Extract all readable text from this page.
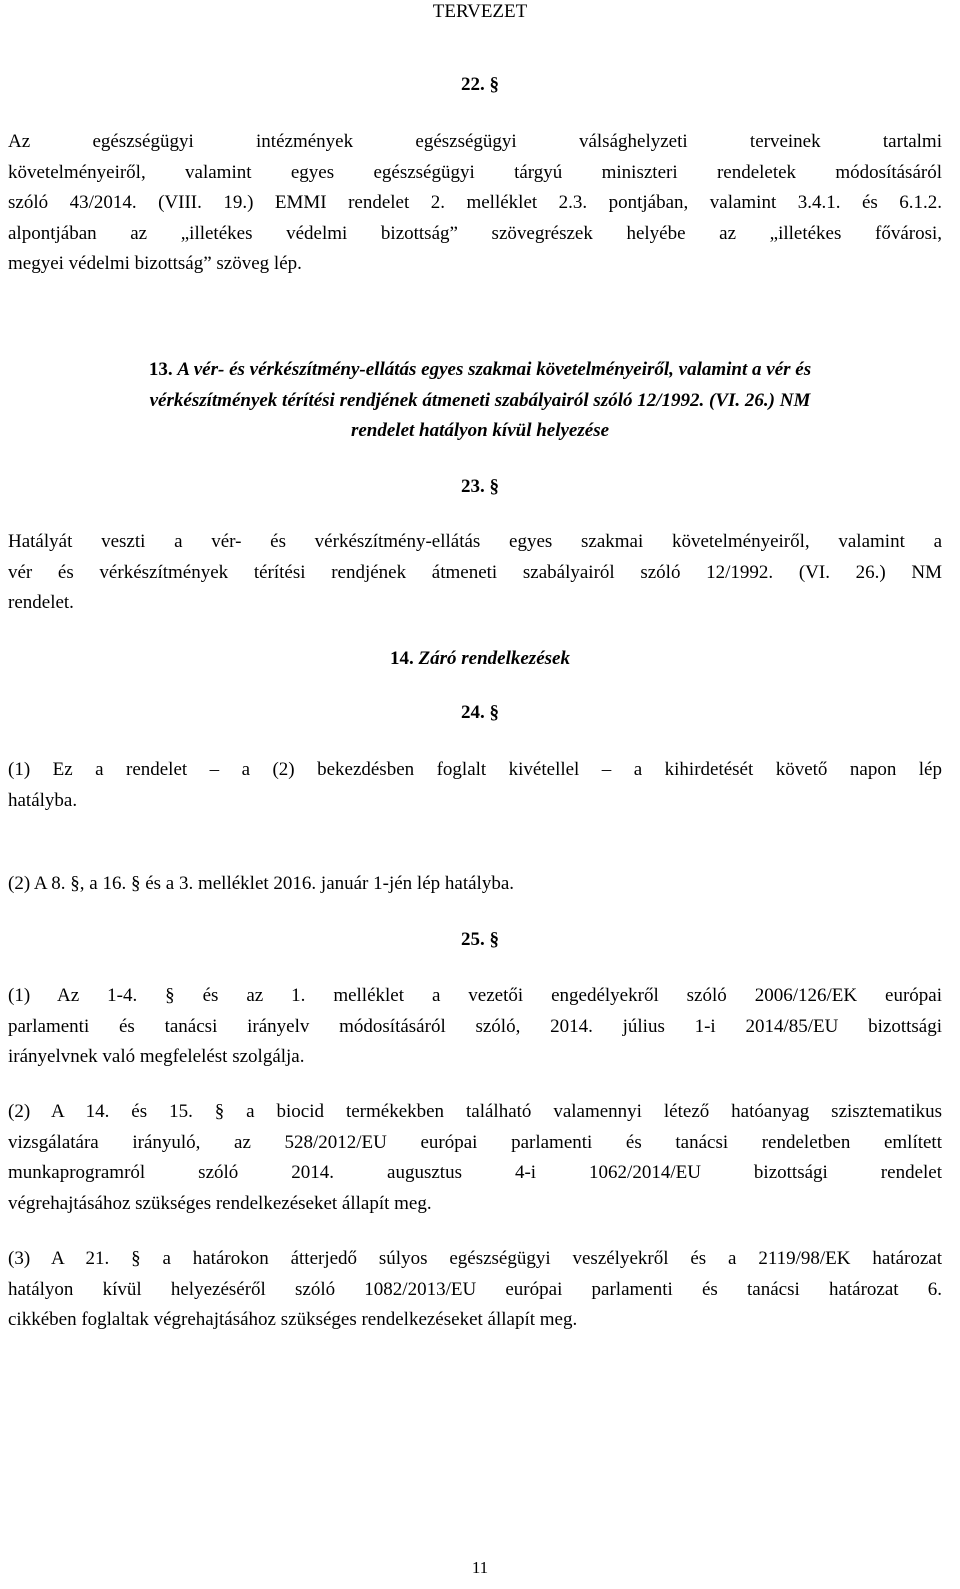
TERVEZET
22. §
Az egészségügyi intézmények egészségügyi válsághelyzeti terveinek tartalmi
követelményeiről, valamint egyes egészségügyi tárgyú miniszteri rendeletek módosításáról
szóló 43/2014. (VIII. 19.) EMMI rendelet 2. melléklet 2.3. pontjában, valamint 3.4.1. és 6.1.2.
alpontjában az „illetékes védelmi bizottság” szövegrészek helyébe az „illetékes fővárosi,
megyei védelmi bizottság” szöveg lép.
13. A vér- és vérkészítmény-ellátás egyes szakmai követelményeiről, valamint a vér és
vérkészítmények térítési rendjének átmeneti szabályairól szóló 12/1992. (VI. 26.) NM
rendelet hatályon kívül helyezése
23. §
Hatályát veszti a vér- és vérkészítmény-ellátás egyes szakmai követelményeiről, valamint a
vér és vérkészítmények térítési rendjének átmeneti szabályairól szóló 12/1992. (VI. 26.) NM
rendelet.
14. Záró rendelkezések
24. §
(1) Ez a rendelet – a (2) bekezdésben foglalt kivétellel – a kihirdetését követő napon lép
hatályba.
(2) A 8. §, a 16. § és a 3. melléklet 2016. január 1-jén lép hatályba.
25. §
(1) Az 1-4. § és az 1. melléklet a vezetői engedélyekről szóló 2006/126/EK európai
parlamenti és tanácsi irányelv módosításáról szóló, 2014. július 1-i 2014/85/EU bizottsági
irányelvnek való megfelelést szolgálja.
(2) A 14. és 15. § a biocid termékekben található valamennyi létező hatóanyag szisztematikus
vizsgálatára irányuló, az 528/2012/EU európai parlamenti és tanácsi rendeletben említett
munkaprogramról szóló 2014. augusztus 4-i 1062/2014/EU bizottsági rendelet
végrehajtásához szükséges rendelkezéseket állapít meg.
(3) A 21. § a határokon átterjedő súlyos egészségügyi veszélyekről és a 2119/98/EK határozat
hatályon kívül helyezéséről szóló 1082/2013/EU európai parlamenti és tanácsi határozat 6.
cikkében foglaltak végrehajtásához szükséges rendelkezéseket állapít meg.
11
